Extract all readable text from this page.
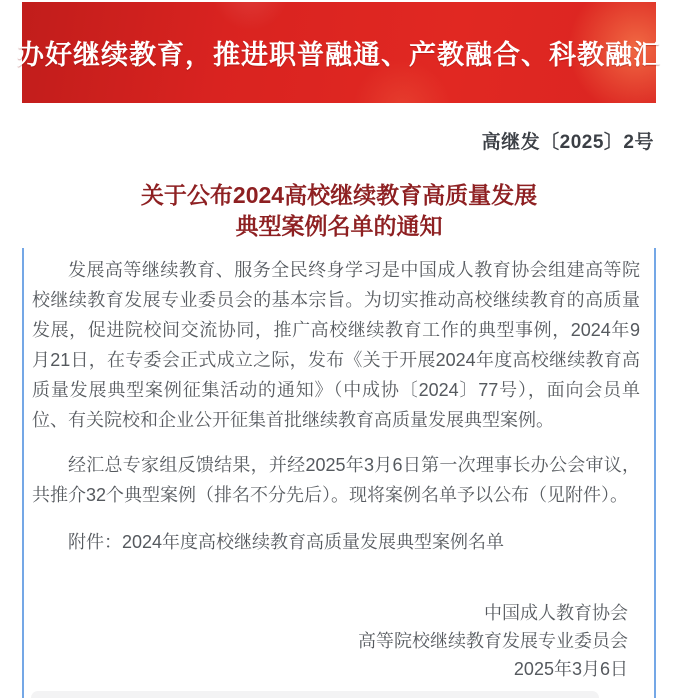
办好继续教育，推进职普融通、产教融合、科教融汇
高继发〔2025〕2号
关于公布2024高校继续教育高质量发展
典型案例名单的通知

发展高等继续教育、服务全民终身学习是中国成人教育协会组建高等院校继续教育发展专业委员会的基本宗旨。为切实推动高校继续教育的高质量发展，促进院校间交流协同，推广高校继续教育工作的典型事例，2024年9月21日，在专委会正式成立之际，发布《关于开展2024年度高校继续教育高质量发展典型案例征集活动的通知》（中成协〔2024〕77号），面向会员单位、有关院校和企业公开征集首批继续教育高质量发展典型案例。

经汇总专家组反馈结果，并经2025年3月6日第一次理事长办公会审议，共推介32个典型案例（排名不分先后）。现将案例名单予以公布（见附件）。

附件：2024年度高校继续教育高质量发展典型案例名单

中国成人教育协会
高等院校继续教育发展专业委员会
2025年3月6日
